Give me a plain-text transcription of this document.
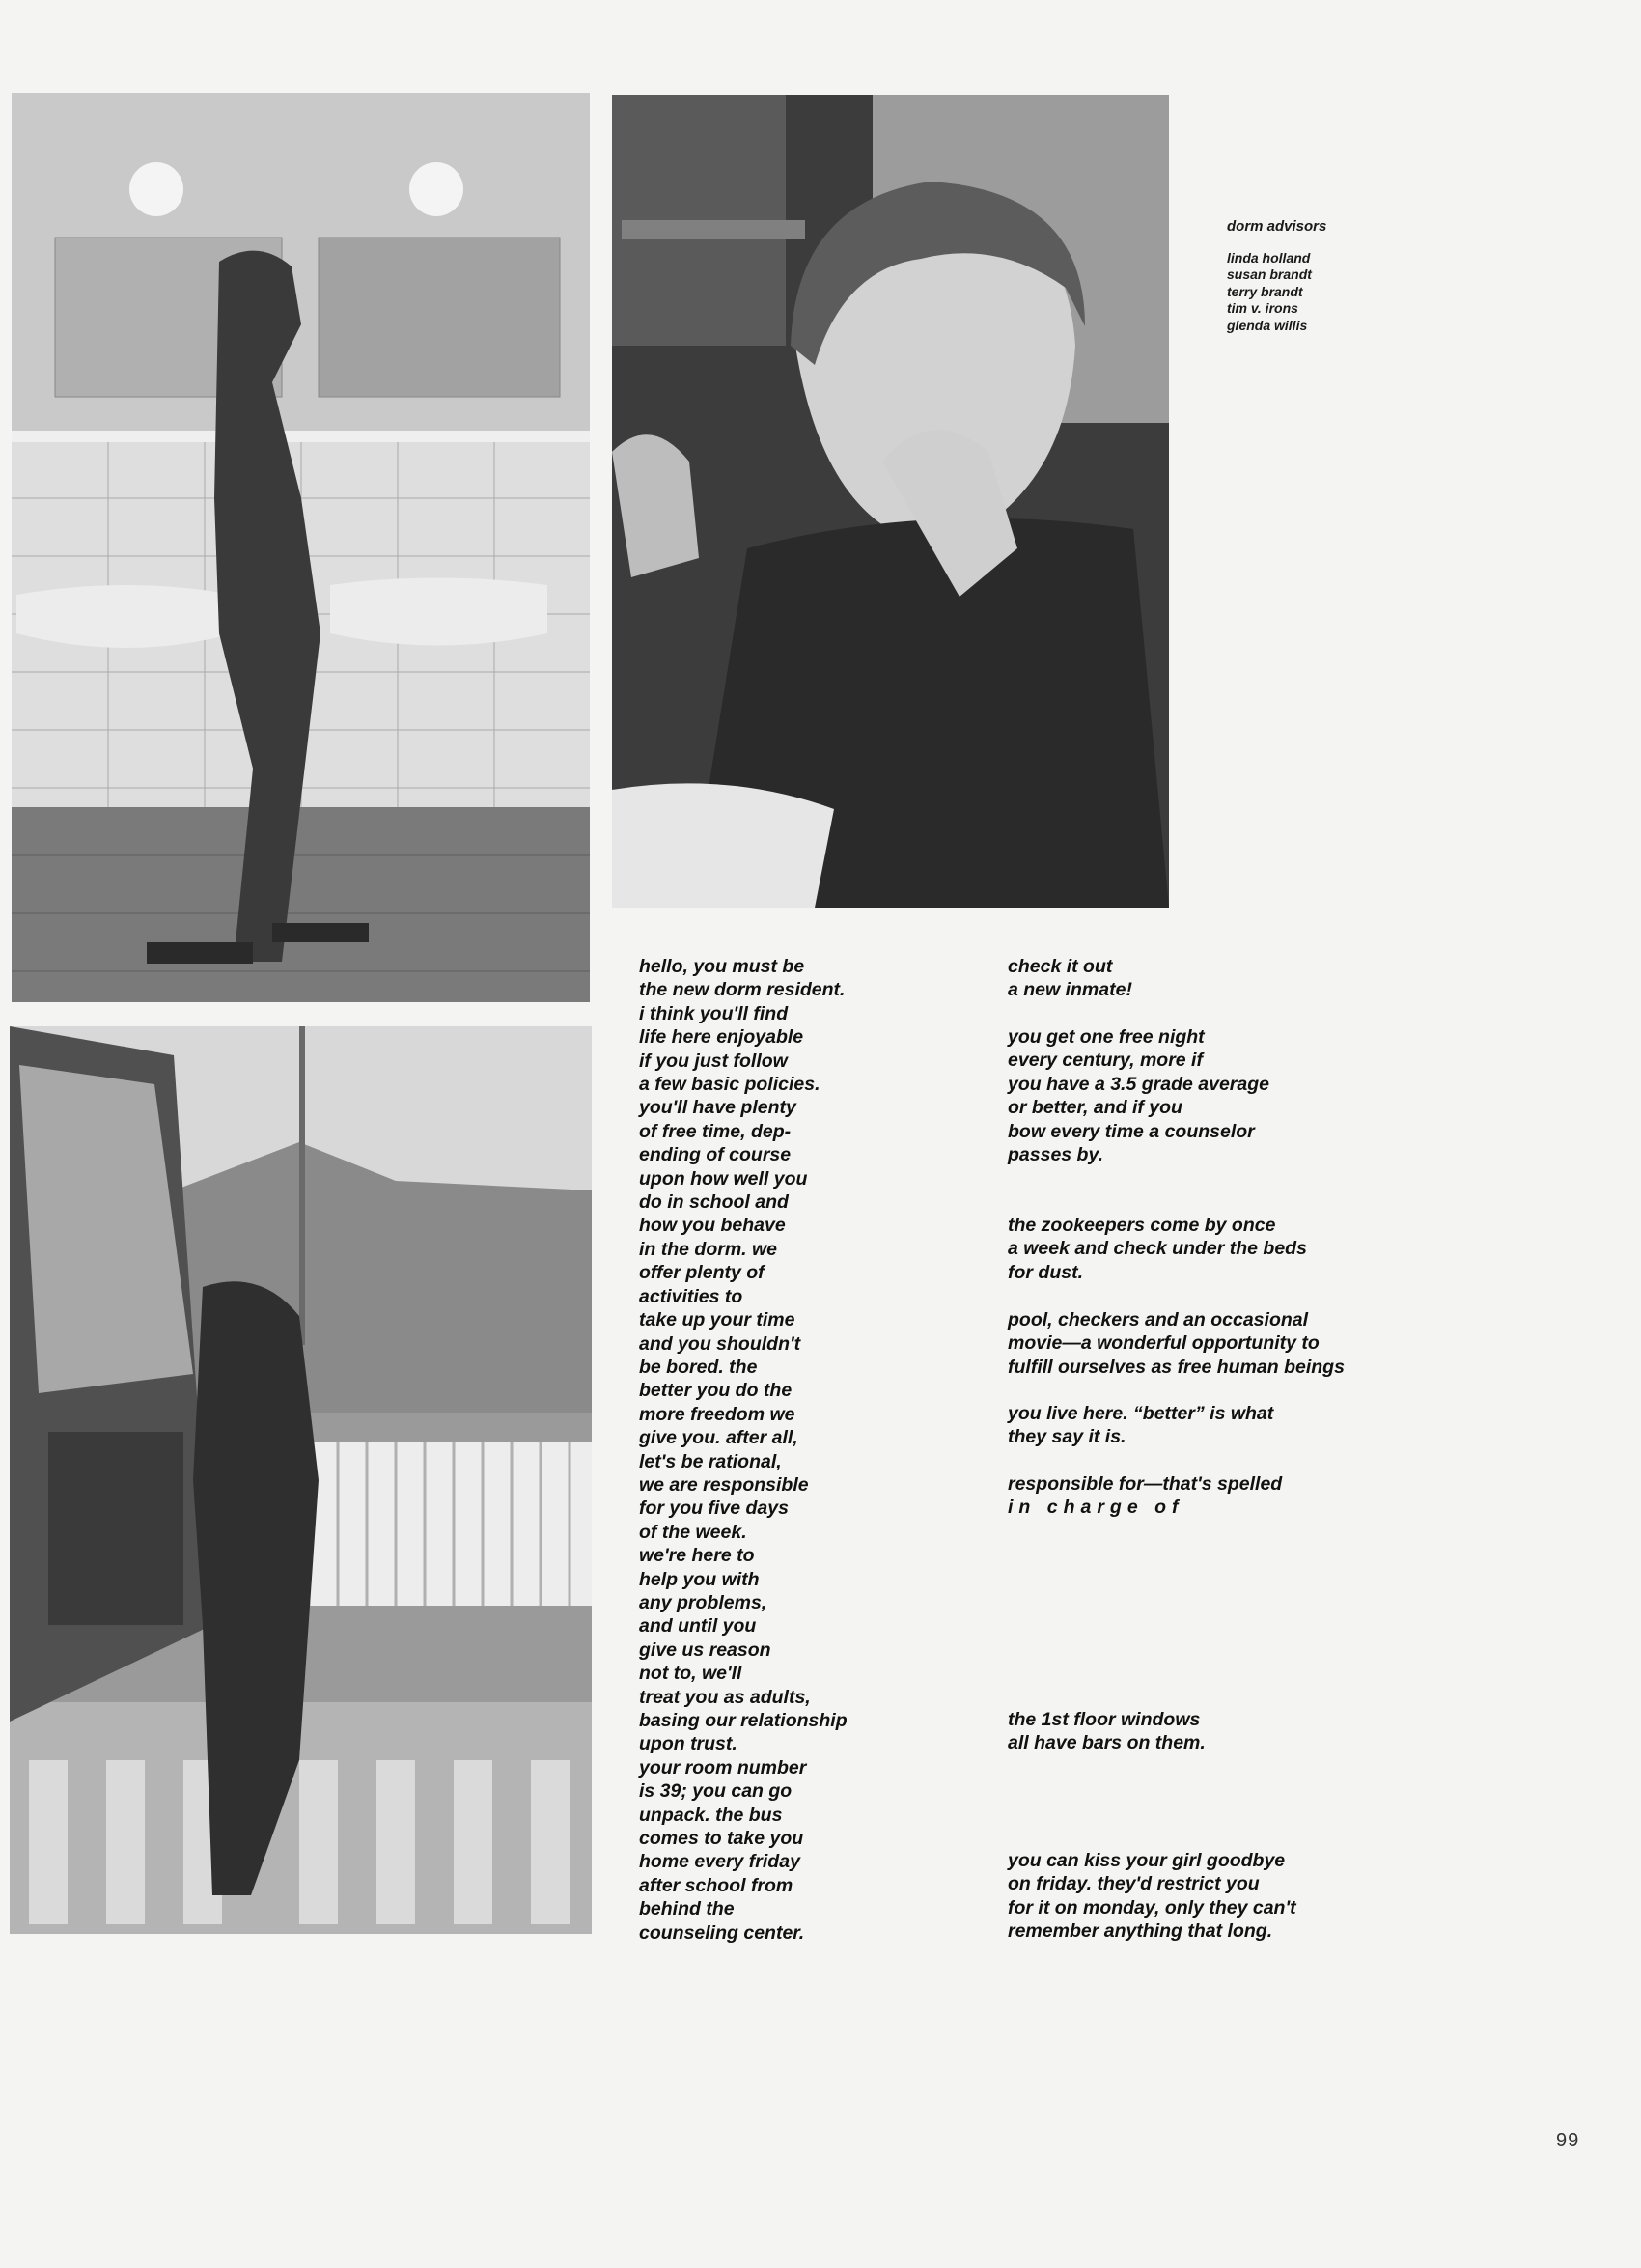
dorm advisors
linda holland
susan brandt
terry brandt
tim v. irons
glenda willis
hello, you must be
the new dorm resident.
i think you'll find
life here enjoyable
if you just follow
a few basic policies.
you'll have plenty
of free time, dep-
ending of course
upon how well you
do in school and
how you behave
in the dorm. we
offer plenty of
activities to
take up your time
and you shouldn't
be bored. the
better you do the
more freedom we
give you. after all,
let's be rational,
we are responsible
for you five days
of the week.
we're here to
help you with
any problems,
and until you
give us reason
not to, we'll
treat you as adults,
basing our relationship
upon trust.
your room number
is 39; you can go
unpack. the bus
comes to take you
home every friday
after school from
behind the
counseling center.
check it out
a new inmate!
you get one free night
every century, more if
you have a 3.5 grade average
or better, and if you
bow every time a counselor
passes by.
the zookeepers come by once
a week and check under the beds
for dust.
pool, checkers and an occasional
movie—a wonderful opportunity to
fulfill ourselves as free human beings
you live here. “better” is what
they say it is.
responsible for—that's spelled
in charge of
the 1st floor windows
all have bars on them.
you can kiss your girl goodbye
on friday. they'd restrict you
for it on monday, only they can't
remember anything that long.
99
